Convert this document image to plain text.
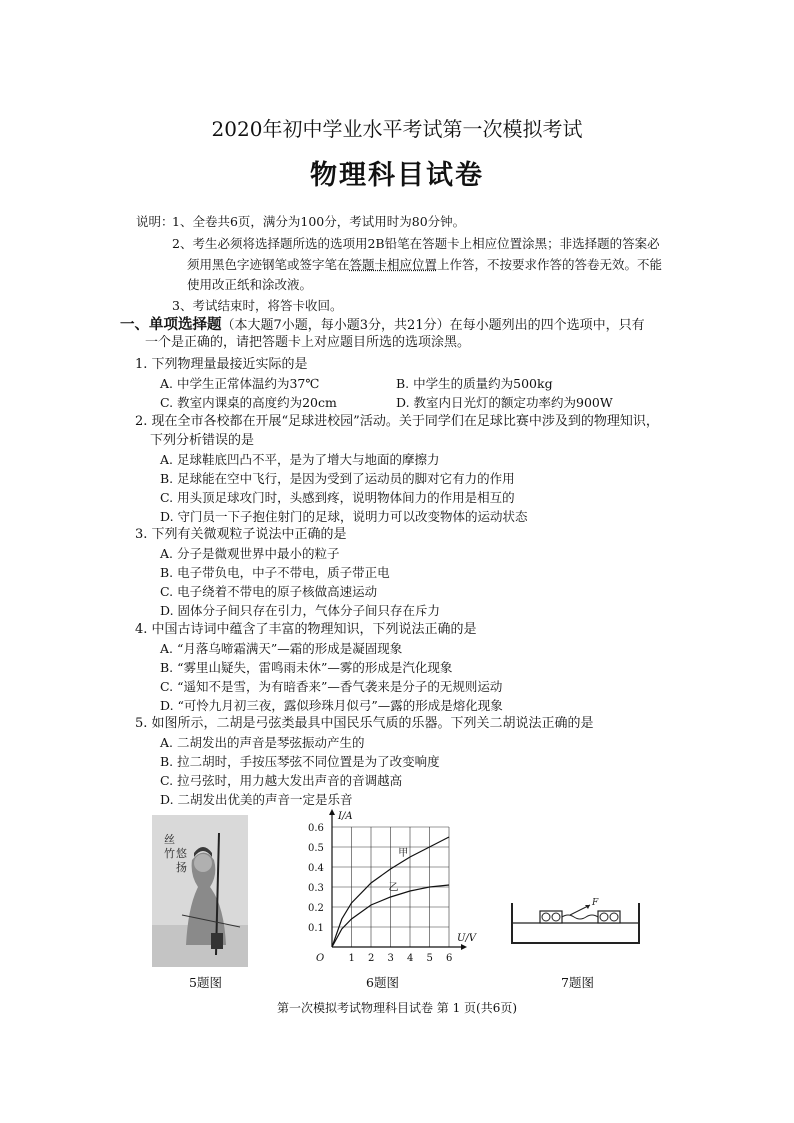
2020年初中学业水平考试第一次模拟考试
物理科目试卷
说明：
1、全卷共6页，满分为100分，考试用时为80分钟。
2、考生必须将选择题所选的选项用2B铅笔在答题卡上相应位置涂黑；非选择题的答案必
须用黑色字迹钢笔或签字笔在答题卡相应位置上作答，不按要求作答的答卷无效。不能
使用改正纸和涂改液。
3、考试结束时，将答卡收回。
一、单项选择题（本大题7小题，每小题3分，共21分）在每小题列出的四个选项中，只有
一个是正确的，请把答题卡上对应题目所选的选项涂黑。
1. 下列物理量最接近实际的是
A. 中学生正常体温约为37℃	B. 中学生的质量约为500kg
C. 教室内课桌的高度约为20cm	D. 教室内日光灯的额定功率约为900W
2. 现在全市各校都在开展“足球进校园”活动。关于同学们在足球比赛中涉及到的物理知识，
下列分析错误的是
A. 足球鞋底凹凸不平，是为了增大与地面的摩擦力
B. 足球能在空中飞行，是因为受到了运动员的脚对它有力的作用
C. 用头顶足球攻门时，头感到疼，说明物体间力的作用是相互的
D. 守门员一下子抱住射门的足球，说明力可以改变物体的运动状态
3. 下列有关微观粒子说法中正确的是
A. 分子是微观世界中最小的粒子
B. 电子带负电，中子不带电，质子带正电
C. 电子绕着不带电的原子核做高速运动
D. 固体分子间只存在引力，气体分子间只存在斥力
4. 中国古诗词中蕴含了丰富的物理知识，下列说法正确的是
A. “月落乌啼霜满天”—霜的形成是凝固现象
B. “雾里山疑失，雷鸣雨未休”—雾的形成是汽化现象
C. “遥知不是雪，为有暗香来”—香气袭来是分子的无规则运动
D. “可怜九月初三夜，露似珍珠月似弓”—露的形成是熔化现象
5. 如图所示，二胡是弓弦类最具中国民乐气质的乐器。下列关二胡说法正确的是
A. 二胡发出的声音是琴弦振动产生的
B. 拉二胡时，手按压琴弦不同位置是为了改变响度
C. 拉弓弦时，用力越大发出声音的音调越高
D. 二胡发出优美的声音一定是乐音
丝
竹 悠
扬
5题图
1 2 3 4 5 6
0.1
0.2
0.3
0.4
0.5
0.6
O
U/V
I/A
甲
乙
6题图
F
7题图
第一次模拟考试物理科目试卷 第 1 页(共6页)
